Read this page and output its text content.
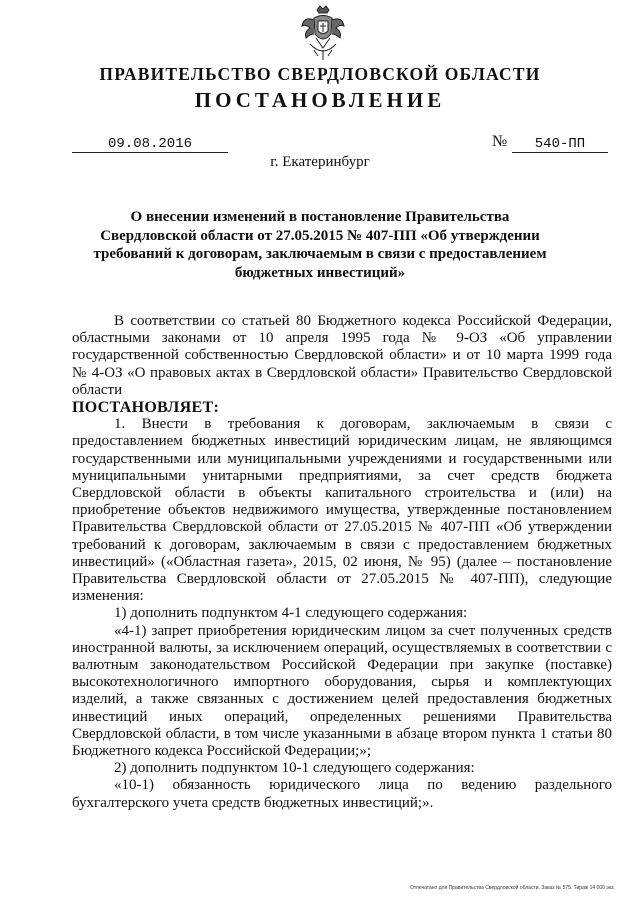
ПРАВИТЕЛЬСТВО СВЕРДЛОВСКОЙ ОБЛАСТИ
ПОСТАНОВЛЕНИЕ
09.08.2016	№	540-ПП
г. Екатеринбург
О внесении изменений в постановление Правительства Свердловской области от 27.05.2015 № 407-ПП «Об утверждении требований к договорам, заключаемым в связи с предоставлением бюджетных инвестиций»

В соответствии со статьей 80 Бюджетного кодекса Российской Федерации, областными законами от 10 апреля 1995 года № 9-ОЗ «Об управлении государственной собственностью Свердловской области» и от 10 марта 1999 года № 4-ОЗ «О правовых актах в Свердловской области» Правительство Свердловской области

ПОСТАНОВЛЯЕТ:

1. Внести в требования к договорам, заключаемым в связи с предоставлением бюджетных инвестиций юридическим лицам, не являющимся государственными или муниципальными учреждениями и государственными или муниципальными унитарными предприятиями, за счет средств бюджета Свердловской области в объекты капитального строительства и (или) на приобретение объектов недвижимого имущества, утвержденные постановлением Правительства Свердловской области от 27.05.2015 № 407-ПП «Об утверждении требований к договорам, заключаемым в связи с предоставлением бюджетных инвестиций» («Областная газета», 2015, 02 июня, № 95) (далее – постановление Правительства Свердловской области от 27.05.2015 № 407-ПП), следующие изменения:

1) дополнить подпунктом 4-1 следующего содержания:

«4-1) запрет приобретения юридическим лицом за счет полученных средств иностранной валюты, за исключением операций, осуществляемых в соответствии с валютным законодательством Российской Федерации при закупке (поставке) высокотехнологичного импортного оборудования, сырья и комплектующих изделий, а также связанных с достижением целей предоставления бюджетных инвестиций иных операций, определенных решениями Правительства Свердловской области, в том числе указанными в абзаце втором пункта 1 статьи 80 Бюджетного кодекса Российской Федерации;»;

2) дополнить подпунктом 10-1 следующего содержания:

«10-1) обязанность юридического лица по ведению раздельного бухгалтерского учета средств бюджетных инвестиций;».

Отпечатано для Правительства Свердловской области. Заказ № 575. Тираж 14 000 экз.
